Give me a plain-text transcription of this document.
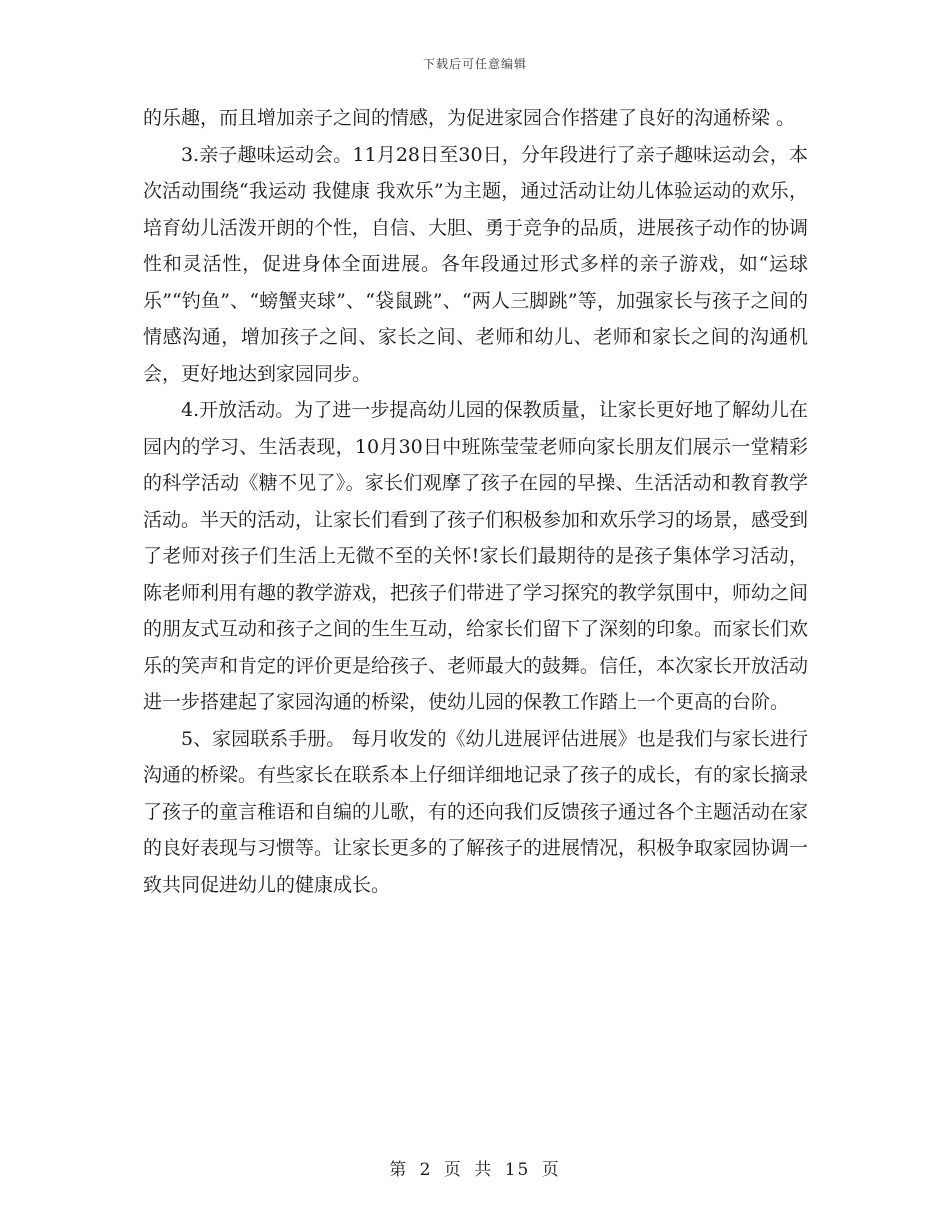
下载后可任意编辑

的乐趣，而且增加亲子之间的情感，为促进家园合作搭建了良好的沟通桥梁 。

3.亲子趣味运动会。11月28日至30日，分年段进行了亲子趣味运动会，本次活动围绕“我运动 我健康 我欢乐”为主题，通过活动让幼儿体验运动的欢乐，培育幼儿活泼开朗的个性，自信、大胆、勇于竞争的品质，进展孩子动作的协调性和灵活性，促进身体全面进展。各年段通过形式多样的亲子游戏，如“运球乐”“钓鱼”、“螃蟹夹球”、“袋鼠跳”、“两人三脚跳”等，加强家长与孩子之间的情感沟通，增加孩子之间、家长之间、老师和幼儿、老师和家长之间的沟通机会，更好地达到家园同步。

4.开放活动。为了进一步提高幼儿园的保教质量，让家长更好地了解幼儿在园内的学习、生活表现，10月30日中班陈莹莹老师向家长朋友们展示一堂精彩的科学活动《糖不见了》。家长们观摩了孩子在园的早操、生活活动和教育教学活动。半天的活动，让家长们看到了孩子们积极参加和欢乐学习的场景，感受到了老师对孩子们生活上无微不至的关怀!家长们最期待的是孩子集体学习活动，陈老师利用有趣的教学游戏，把孩子们带进了学习探究的教学氛围中，师幼之间的朋友式互动和孩子之间的生生互动，给家长们留下了深刻的印象。而家长们欢乐的笑声和肯定的评价更是给孩子、老师最大的鼓舞。信任，本次家长开放活动进一步搭建起了家园沟通的桥梁，使幼儿园的保教工作踏上一个更高的台阶。

5、家园联系手册。 每月收发的《幼儿进展评估进展》也是我们与家长进行沟通的桥梁。有些家长在联系本上仔细详细地记录了孩子的成长，有的家长摘录了孩子的童言稚语和自编的儿歌，有的还向我们反馈孩子通过各个主题活动在家的良好表现与习惯等。让家长更多的了解孩子的进展情况，积极争取家园协调一致共同促进幼儿的健康成长。

第 2 页 共 15 页
